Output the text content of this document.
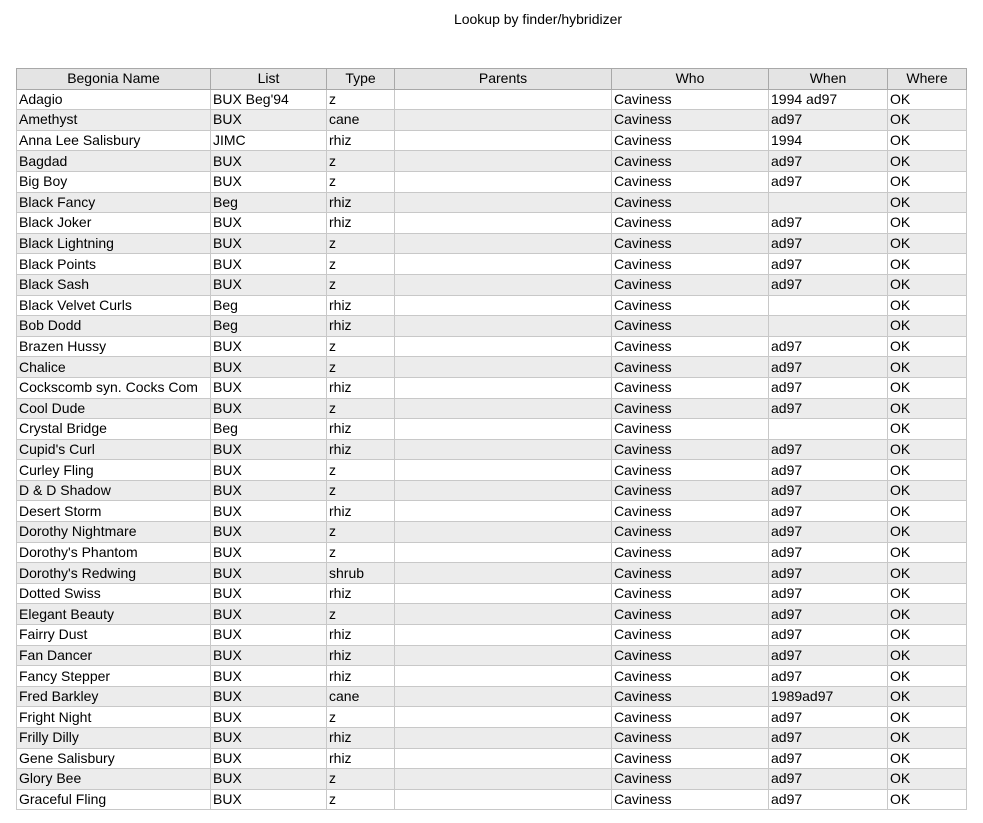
Lookup by finder/hybridizer
Begonia Name	List	Type	Parents	Who	When	Where
Adagio	BUX Beg'94	z		Caviness	1994 ad97	OK
Amethyst	BUX	cane		Caviness	ad97	OK
Anna Lee Salisbury	JIMC	rhiz		Caviness	1994	OK
Bagdad	BUX	z		Caviness	ad97	OK
Big Boy	BUX	z		Caviness	ad97	OK
Black Fancy	Beg	rhiz		Caviness		OK
Black Joker	BUX	rhiz		Caviness	ad97	OK
Black Lightning	BUX	z		Caviness	ad97	OK
Black Points	BUX	z		Caviness	ad97	OK
Black Sash	BUX	z		Caviness	ad97	OK
Black Velvet Curls	Beg	rhiz		Caviness		OK
Bob Dodd	Beg	rhiz		Caviness		OK
Brazen Hussy	BUX	z		Caviness	ad97	OK
Chalice	BUX	z		Caviness	ad97	OK
Cockscomb syn. Cocks Com	BUX	rhiz		Caviness	ad97	OK
Cool Dude	BUX	z		Caviness	ad97	OK
Crystal Bridge	Beg	rhiz		Caviness		OK
Cupid's Curl	BUX	rhiz		Caviness	ad97	OK
Curley Fling	BUX	z		Caviness	ad97	OK
D & D Shadow	BUX	z		Caviness	ad97	OK
Desert Storm	BUX	rhiz		Caviness	ad97	OK
Dorothy Nightmare	BUX	z		Caviness	ad97	OK
Dorothy's Phantom	BUX	z		Caviness	ad97	OK
Dorothy's Redwing	BUX	shrub		Caviness	ad97	OK
Dotted Swiss	BUX	rhiz		Caviness	ad97	OK
Elegant Beauty	BUX	z		Caviness	ad97	OK
Fairry Dust	BUX	rhiz		Caviness	ad97	OK
Fan Dancer	BUX	rhiz		Caviness	ad97	OK
Fancy Stepper	BUX	rhiz		Caviness	ad97	OK
Fred Barkley	BUX	cane		Caviness	1989ad97	OK
Fright Night	BUX	z		Caviness	ad97	OK
Frilly Dilly	BUX	rhiz		Caviness	ad97	OK
Gene Salisbury	BUX	rhiz		Caviness	ad97	OK
Glory Bee	BUX	z		Caviness	ad97	OK
Graceful Fling	BUX	z		Caviness	ad97	OK
